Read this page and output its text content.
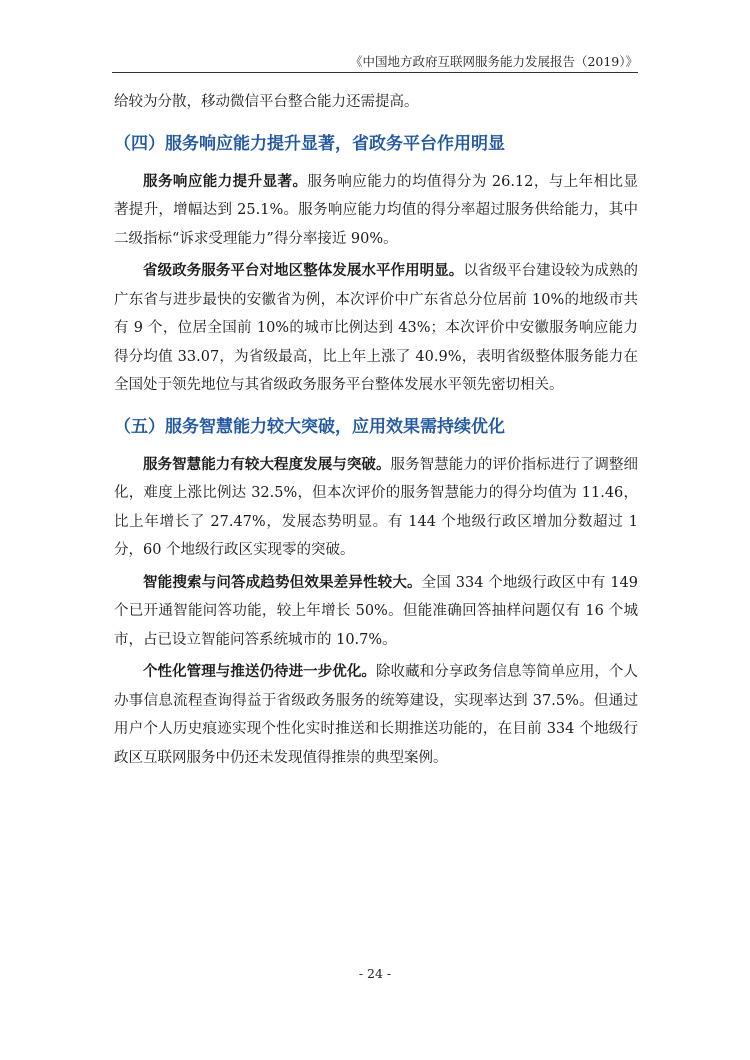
《中国地方政府互联网服务能力发展报告（2019）》

给较为分散，移动微信平台整合能力还需提高。

（四）服务响应能力提升显著，省政务平台作用明显

服务响应能力提升显著。服务响应能力的均值得分为 26.12，与上年相比显著提升，增幅达到 25.1%。服务响应能力均值的得分率超过服务供给能力，其中二级指标“诉求受理能力”得分率接近 90%。

省级政务服务平台对地区整体发展水平作用明显。以省级平台建设较为成熟的广东省与进步最快的安徽省为例，本次评价中广东省总分位居前 10%的地级市共有 9 个，位居全国前 10%的城市比例达到 43%；本次评价中安徽服务响应能力得分均值 33.07，为省级最高，比上年上涨了 40.9%，表明省级整体服务能力在全国处于领先地位与其省级政务服务平台整体发展水平领先密切相关。

（五）服务智慧能力较大突破，应用效果需持续优化

服务智慧能力有较大程度发展与突破。服务智慧能力的评价指标进行了调整细化，难度上涨比例达 32.5%，但本次评价的服务智慧能力的得分均值为 11.46，比上年增长了 27.47%，发展态势明显。有 144 个地级行政区增加分数超过 1 分，60 个地级行政区实现零的突破。

智能搜索与问答成趋势但效果差异性较大。全国 334 个地级行政区中有 149 个已开通智能问答功能，较上年增长 50%。但能准确回答抽样问题仅有 16 个城市，占已设立智能问答系统城市的 10.7%。

个性化管理与推送仍待进一步优化。除收藏和分享政务信息等简单应用，个人办事信息流程查询得益于省级政务服务的统筹建设，实现率达到 37.5%。但通过用户个人历史痕迹实现个性化实时推送和长期推送功能的，在目前 334 个地级行政区互联网服务中仍还未发现值得推崇的典型案例。

- 24 -
